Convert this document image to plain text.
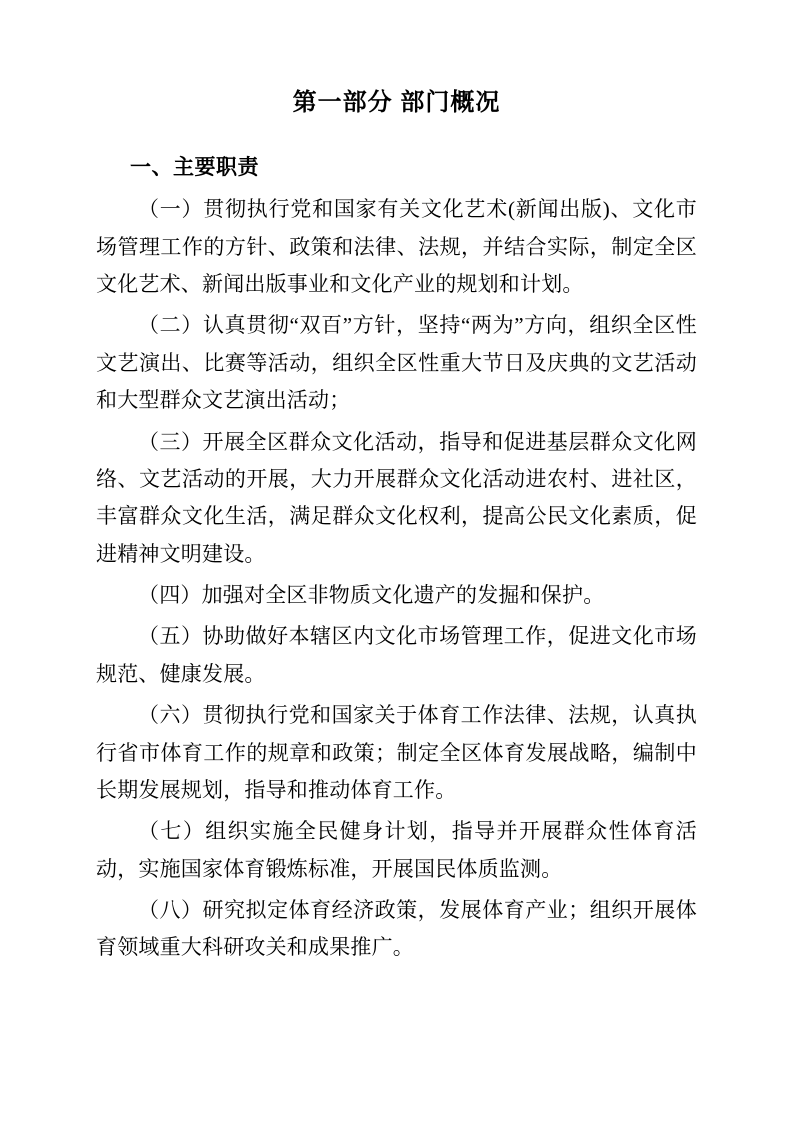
第一部分 部门概况
一、主要职责

（一）贯彻执行党和国家有关文化艺术(新闻出版)、文化市场管理工作的方针、政策和法律、法规，并结合实际，制定全区文化艺术、新闻出版事业和文化产业的规划和计划。

（二）认真贯彻“双百”方针，坚持“两为”方向，组织全区性文艺演出、比赛等活动，组织全区性重大节日及庆典的文艺活动和大型群众文艺演出活动；

（三）开展全区群众文化活动，指导和促进基层群众文化网络、文艺活动的开展，大力开展群众文化活动进农村、进社区，丰富群众文化生活，满足群众文化权利，提高公民文化素质，促进精神文明建设。

（四）加强对全区非物质文化遗产的发掘和保护。

（五）协助做好本辖区内文化市场管理工作，促进文化市场规范、健康发展。

（六）贯彻执行党和国家关于体育工作法律、法规，认真执行省市体育工作的规章和政策；制定全区体育发展战略，编制中长期发展规划，指导和推动体育工作。

（七）组织实施全民健身计划，指导并开展群众性体育活动，实施国家体育锻炼标准，开展国民体质监测。

（八）研究拟定体育经济政策，发展体育产业；组织开展体育领域重大科研攻关和成果推广。
